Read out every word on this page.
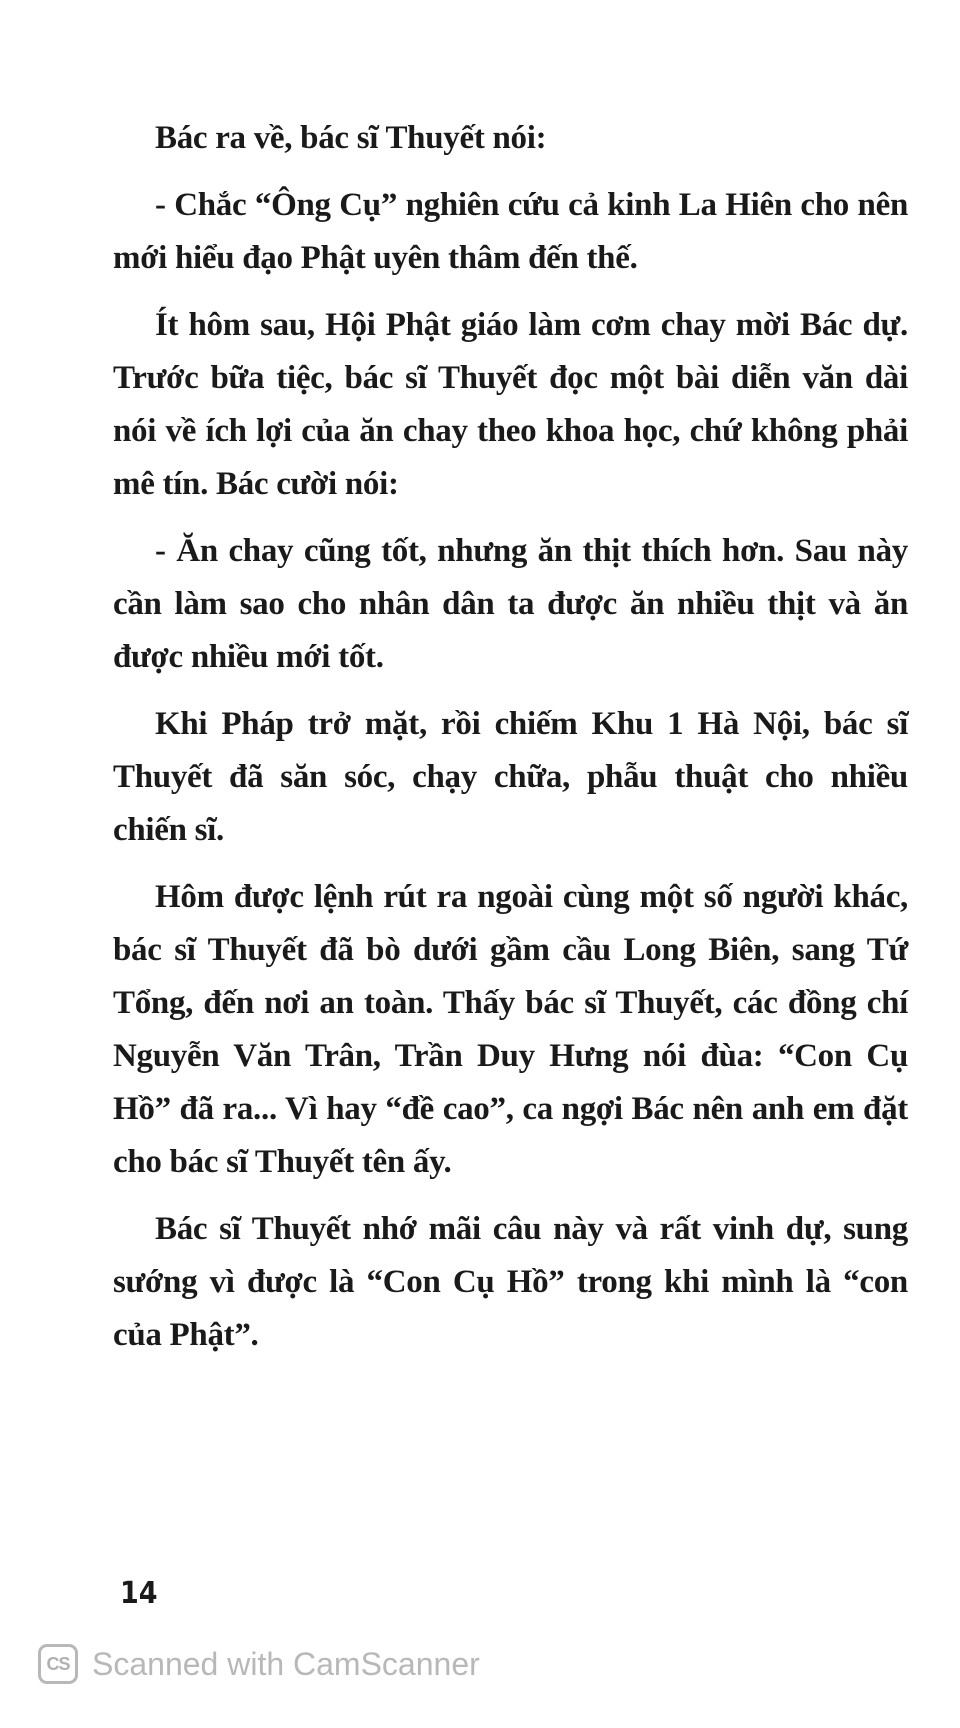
Bác ra về, bác sĩ Thuyết nói:

- Chắc “Ông Cụ” nghiên cứu cả kinh La Hiên cho nên mới hiểu đạo Phật uyên thâm đến thế.

Ít hôm sau, Hội Phật giáo làm cơm chay mời Bác dự. Trước bữa tiệc, bác sĩ Thuyết đọc một bài diễn văn dài nói về ích lợi của ăn chay theo khoa học, chứ không phải mê tín. Bác cười nói:

- Ăn chay cũng tốt, nhưng ăn thịt thích hơn. Sau này cần làm sao cho nhân dân ta được ăn nhiều thịt và ăn được nhiều mới tốt.

Khi Pháp trở mặt, rồi chiếm Khu 1 Hà Nội, bác sĩ Thuyết đã săn sóc, chạy chữa, phẫu thuật cho nhiều chiến sĩ.

Hôm được lệnh rút ra ngoài cùng một số người khác, bác sĩ Thuyết đã bò dưới gầm cầu Long Biên, sang Tứ Tổng, đến nơi an toàn. Thấy bác sĩ Thuyết, các đồng chí Nguyễn Văn Trân, Trần Duy Hưng nói đùa: “Con Cụ Hồ” đã ra... Vì hay “đề cao”, ca ngợi Bác nên anh em đặt cho bác sĩ Thuyết tên ấy.

Bác sĩ Thuyết nhớ mãi câu này và rất vinh dự, sung sướng vì được là “Con Cụ Hồ” trong khi mình là “con của Phật”.

14
CS Scanned with CamScanner
